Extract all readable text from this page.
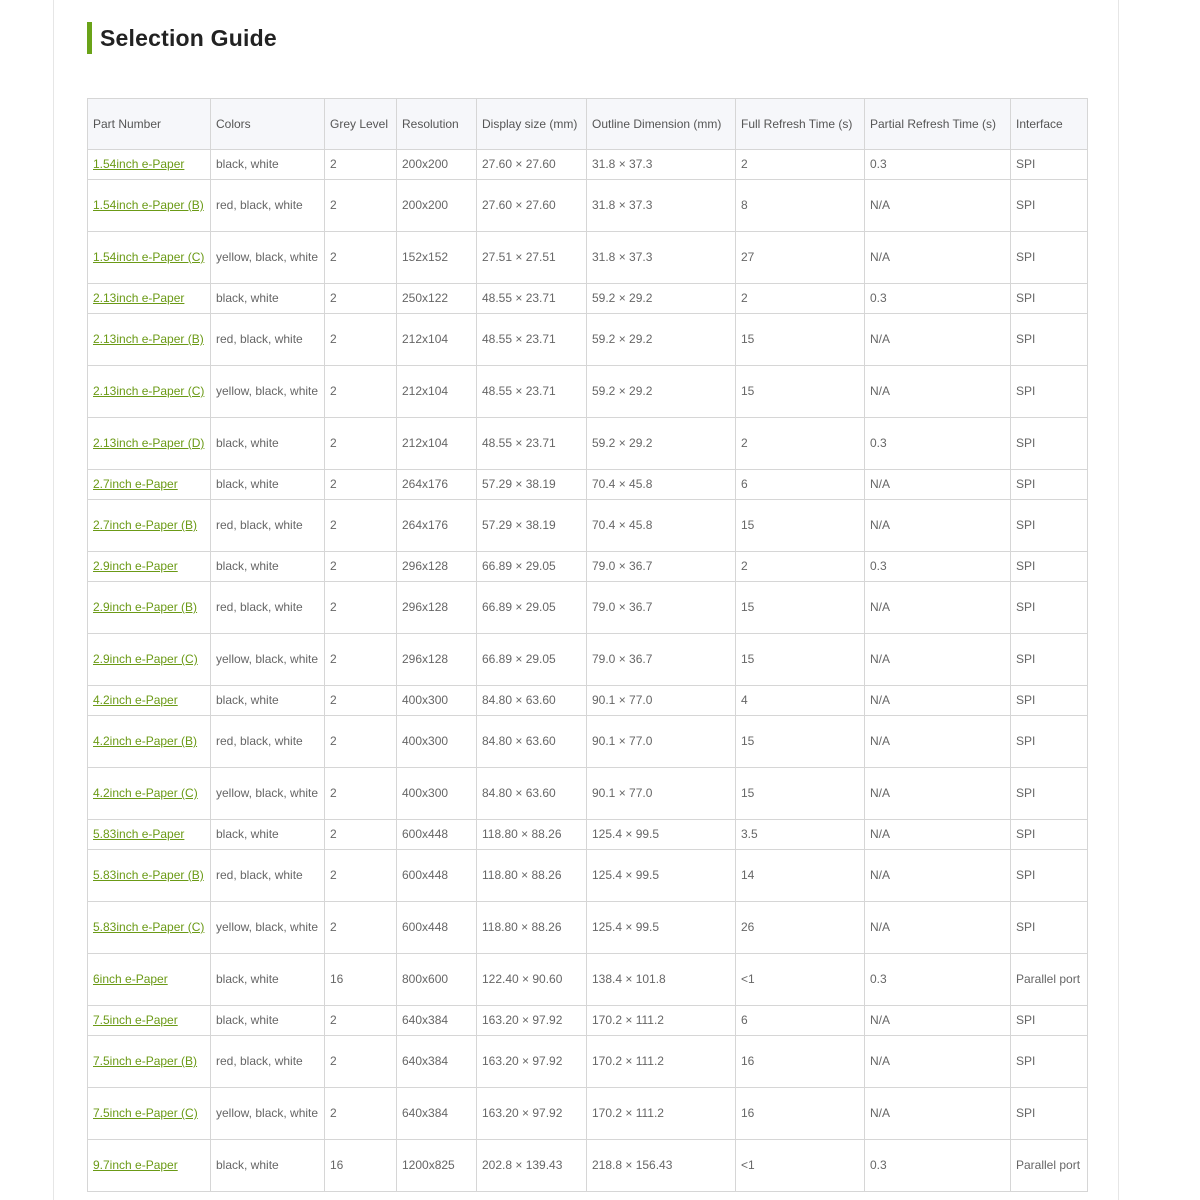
Selection Guide
Part Number	Colors	Grey Level	Resolution	Display size (mm)	Outline Dimension (mm)	Full Refresh Time (s)	Partial Refresh Time (s)	Interface
1.54inch e-Paper	black, white	2	200x200	27.60 × 27.60	31.8 × 37.3	2	0.3	SPI
1.54inch e-Paper (B)	red, black, white	2	200x200	27.60 × 27.60	31.8 × 37.3	8	N/A	SPI
1.54inch e-Paper (C)	yellow, black, white	2	152x152	27.51 × 27.51	31.8 × 37.3	27	N/A	SPI
2.13inch e-Paper	black, white	2	250x122	48.55 × 23.71	59.2 × 29.2	2	0.3	SPI
2.13inch e-Paper (B)	red, black, white	2	212x104	48.55 × 23.71	59.2 × 29.2	15	N/A	SPI
2.13inch e-Paper (C)	yellow, black, white	2	212x104	48.55 × 23.71	59.2 × 29.2	15	N/A	SPI
2.13inch e-Paper (D)	black, white	2	212x104	48.55 × 23.71	59.2 × 29.2	2	0.3	SPI
2.7inch e-Paper	black, white	2	264x176	57.29 × 38.19	70.4 × 45.8	6	N/A	SPI
2.7inch e-Paper (B)	red, black, white	2	264x176	57.29 × 38.19	70.4 × 45.8	15	N/A	SPI
2.9inch e-Paper	black, white	2	296x128	66.89 × 29.05	79.0 × 36.7	2	0.3	SPI
2.9inch e-Paper (B)	red, black, white	2	296x128	66.89 × 29.05	79.0 × 36.7	15	N/A	SPI
2.9inch e-Paper (C)	yellow, black, white	2	296x128	66.89 × 29.05	79.0 × 36.7	15	N/A	SPI
4.2inch e-Paper	black, white	2	400x300	84.80 × 63.60	90.1 × 77.0	4	N/A	SPI
4.2inch e-Paper (B)	red, black, white	2	400x300	84.80 × 63.60	90.1 × 77.0	15	N/A	SPI
4.2inch e-Paper (C)	yellow, black, white	2	400x300	84.80 × 63.60	90.1 × 77.0	15	N/A	SPI
5.83inch e-Paper	black, white	2	600x448	118.80 × 88.26	125.4 × 99.5	3.5	N/A	SPI
5.83inch e-Paper (B)	red, black, white	2	600x448	118.80 × 88.26	125.4 × 99.5	14	N/A	SPI
5.83inch e-Paper (C)	yellow, black, white	2	600x448	118.80 × 88.26	125.4 × 99.5	26	N/A	SPI
6inch e-Paper	black, white	16	800x600	122.40 × 90.60	138.4 × 101.8	<1	0.3	Parallel port
7.5inch e-Paper	black, white	2	640x384	163.20 × 97.92	170.2 × 111.2	6	N/A	SPI
7.5inch e-Paper (B)	red, black, white	2	640x384	163.20 × 97.92	170.2 × 111.2	16	N/A	SPI
7.5inch e-Paper (C)	yellow, black, white	2	640x384	163.20 × 97.92	170.2 × 111.2	16	N/A	SPI
9.7inch e-Paper	black, white	16	1200x825	202.8 × 139.43	218.8 × 156.43	<1	0.3	Parallel port
